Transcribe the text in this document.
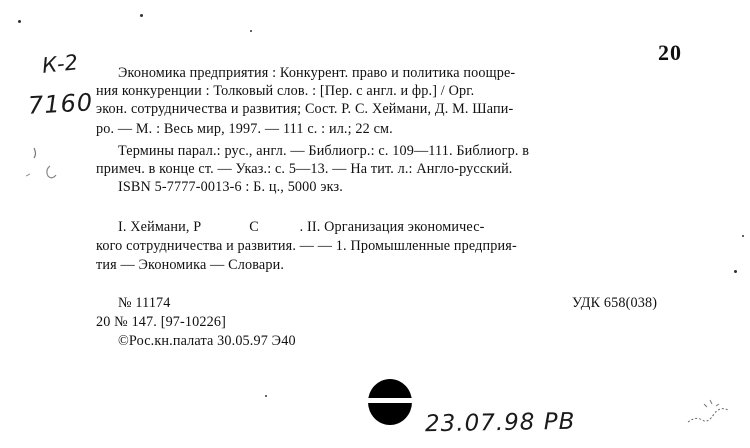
20
К-2
7160
Экономика предприятия : Конкурент. право и политика поощре-
ния конкуренции : Толковый слов. : [Пер. с англ. и фр.] / Орг.
экон. сотрудничества и развития; Сост. Р. С. Хеймани, Д. М. Шапи-
ро. — М. : Весь мир, 1997. — 111 с. : ил.; 22 см.
Термины парал.: рус., англ. — Библиогр.: с. 109—111. Библиогр. в
примеч. в конце ст. — Указ.: с. 5—13. — На тит. л.: Англо-русский.
ISBN 5-7777-0013-6 : Б. ц., 5000 экз.
I. Хеймани, Р             С           . II. Организация экономичес-
кого сотрудничества и развития. — — 1. Промышленные предприя-
тия — Экономика — Словари.
№ 11174	УДК 658(038)
20 № 147. [97-10226]
©Рос.кн.палата 30.05.97 Э40
23.07.98 РВ
